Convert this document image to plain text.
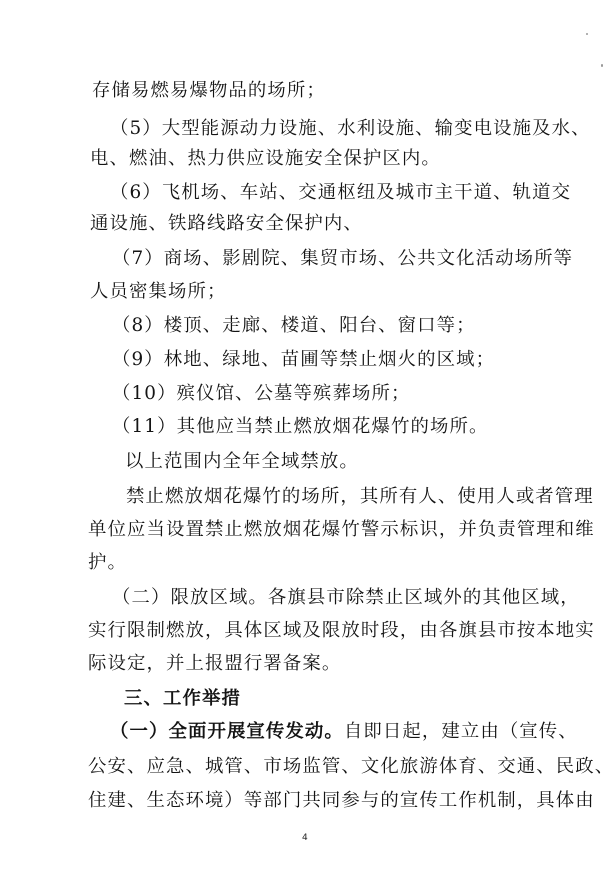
存储易燃易爆物品的场所；
（5）大型能源动力设施、水利设施、输变电设施及水、
电、燃油、热力供应设施安全保护区内。
（6）飞机场、车站、交通枢纽及城市主干道、轨道交
通设施、铁路线路安全保护内、
（7）商场、影剧院、集贸市场、公共文化活动场所等
人员密集场所；
（8）楼顶、走廊、楼道、阳台、窗口等；
（9）林地、绿地、苗圃等禁止烟火的区域；
（10）殡仪馆、公墓等殡葬场所；
（11）其他应当禁止燃放烟花爆竹的场所。
以上范围内全年全域禁放。
禁止燃放烟花爆竹的场所，其所有人、使用人或者管理
单位应当设置禁止燃放烟花爆竹警示标识，并负责管理和维
护。
（二）限放区域。各旗县市除禁止区域外的其他区域，
实行限制燃放，具体区域及限放时段，由各旗县市按本地实
际设定，并上报盟行署备案。
三、工作举措
（一）全面开展宣传发动。自即日起，建立由（宣传、
公安、应急、城管、市场监管、文化旅游体育、交通、民政、
住建、生态环境）等部门共同参与的宣传工作机制，具体由
4
